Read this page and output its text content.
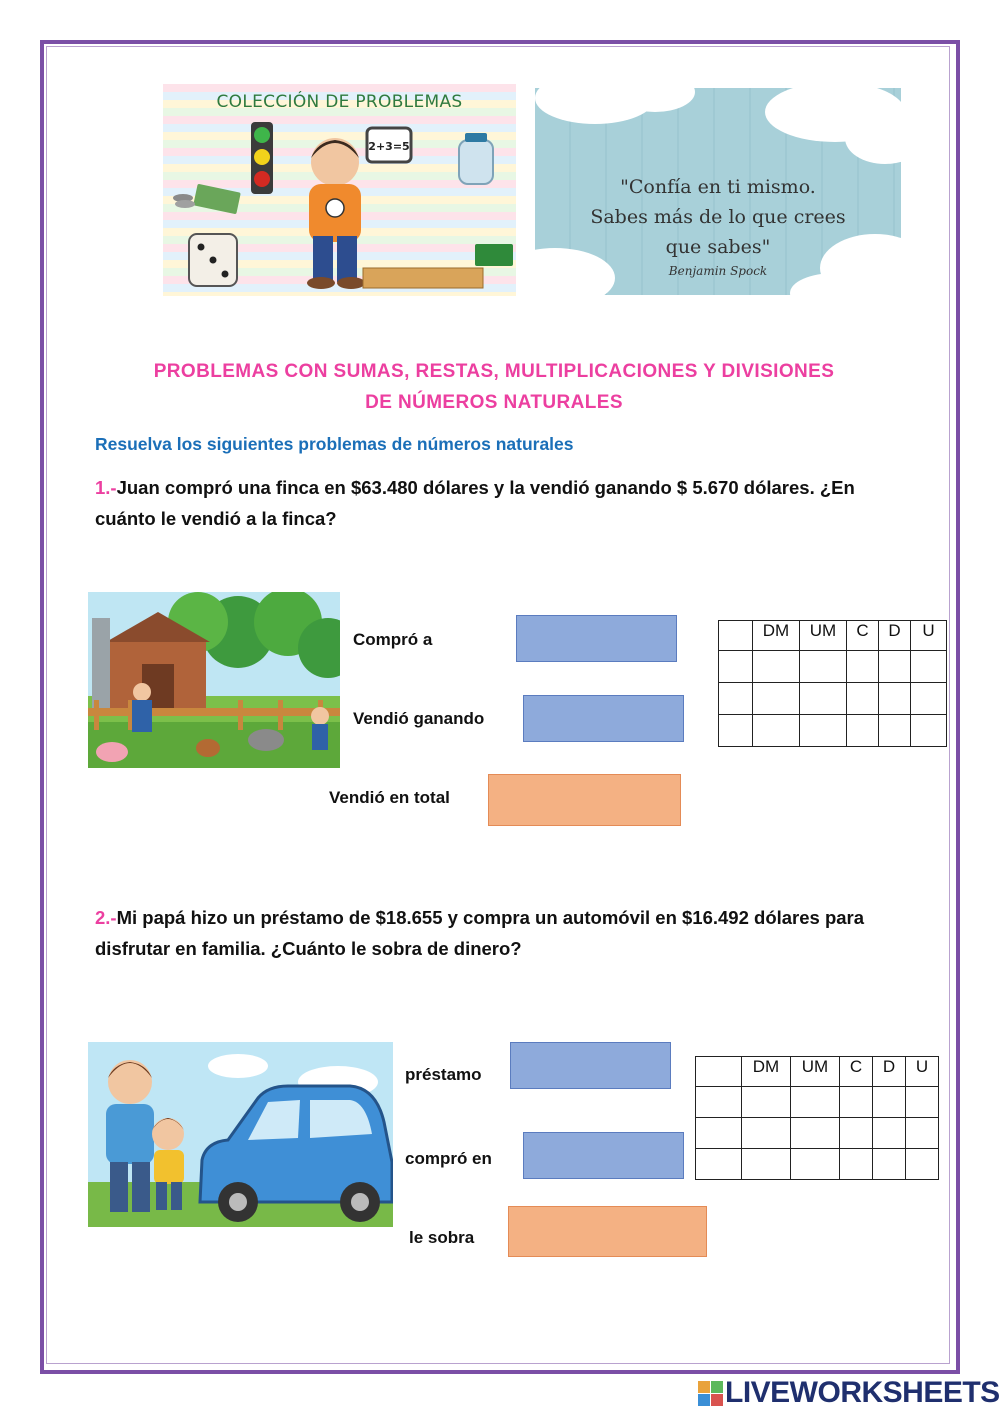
COLECCIÓN DE PROBLEMAS
2+3=5
"Confía en ti mismo.
Sabes más de lo que crees
que sabes"
Benjamin Spock
PROBLEMAS CON SUMAS, RESTAS, MULTIPLICACIONES Y DIVISIONES
DE NÚMEROS NATURALES
Resuelva los siguientes problemas de números naturales
1.-Juan compró una finca en $63.480 dólares y la vendió ganando $ 5.670 dólares. ¿En cuánto le vendió a la finca?
Compró a
Vendió ganando
Vendió en total
	DM	UM	C	D	U

2.-Mi papá hizo un préstamo de $18.655 y compra un automóvil en $16.492 dólares para disfrutar en familia. ¿Cuánto le sobra de dinero?
préstamo
compró en
le sobra
	DM	UM	C	D	U

LIVEWORKSHEETS
